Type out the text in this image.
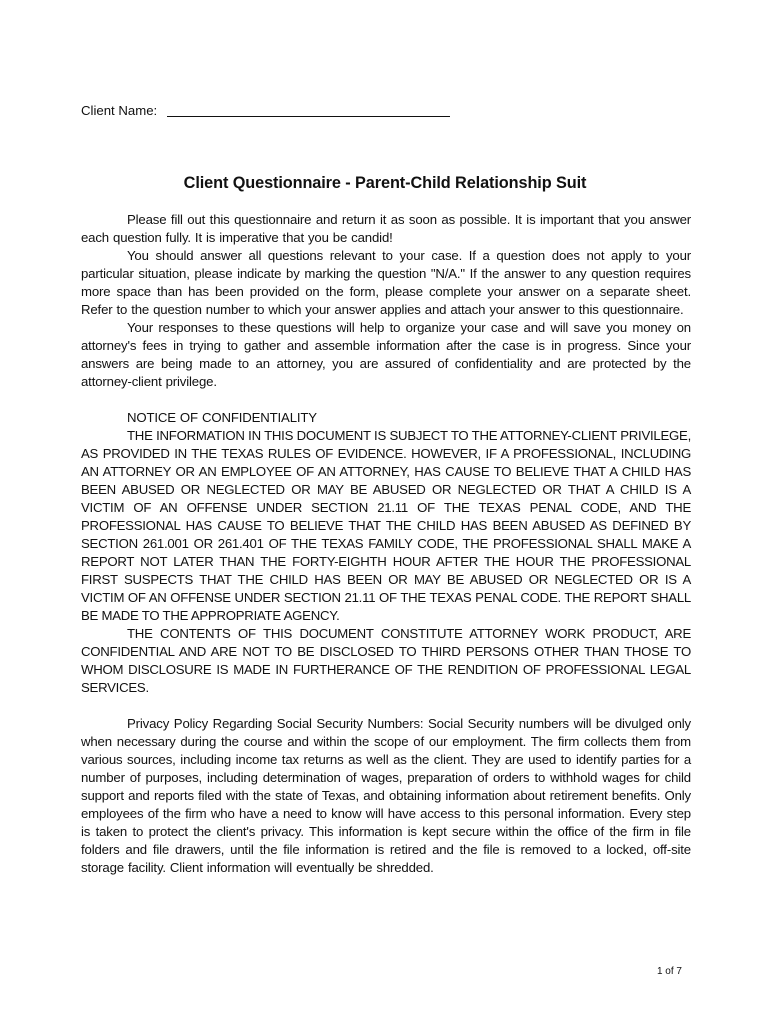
Client Name:
Client Questionnaire - Parent-Child Relationship Suit

Please fill out this questionnaire and return it as soon as possible. It is important that you answer each question fully. It is imperative that you be candid!

You should answer all questions relevant to your case. If a question does not apply to your particular situation, please indicate by marking the question "N/A." If the answer to any question requires more space than has been provided on the form, please complete your answer on a separate sheet. Refer to the question number to which your answer applies and attach your answer to this questionnaire.

Your responses to these questions will help to organize your case and will save you money on attorney's fees in trying to gather and assemble information after the case is in progress. Since your answers are being made to an attorney, you are assured of confidentiality and are protected by the attorney-client privilege.

NOTICE OF CONFIDENTIALITY

THE INFORMATION IN THIS DOCUMENT IS SUBJECT TO THE ATTORNEY-CLIENT PRIVILEGE, AS PROVIDED IN THE TEXAS RULES OF EVIDENCE. HOWEVER, IF A PROFESSIONAL, INCLUDING AN ATTORNEY OR AN EMPLOYEE OF AN ATTORNEY, HAS CAUSE TO BELIEVE THAT A CHILD HAS BEEN ABUSED OR NEGLECTED OR MAY BE ABUSED OR NEGLECTED OR THAT A CHILD IS A VICTIM OF AN OFFENSE UNDER SECTION 21.11 OF THE TEXAS PENAL CODE, AND THE PROFESSIONAL HAS CAUSE TO BELIEVE THAT THE CHILD HAS BEEN ABUSED AS DEFINED BY SECTION 261.001 OR 261.401 OF THE TEXAS FAMILY CODE, THE PROFESSIONAL SHALL MAKE A REPORT NOT LATER THAN THE FORTY-EIGHTH HOUR AFTER THE HOUR THE PROFESSIONAL FIRST SUSPECTS THAT THE CHILD HAS BEEN OR MAY BE ABUSED OR NEGLECTED OR IS A VICTIM OF AN OFFENSE UNDER SECTION 21.11 OF THE TEXAS PENAL CODE. THE REPORT SHALL BE MADE TO THE APPROPRIATE AGENCY.

THE CONTENTS OF THIS DOCUMENT CONSTITUTE ATTORNEY WORK PRODUCT, ARE CONFIDENTIAL AND ARE NOT TO BE DISCLOSED TO THIRD PERSONS OTHER THAN THOSE TO WHOM DISCLOSURE IS MADE IN FURTHERANCE OF THE RENDITION OF PROFESSIONAL LEGAL SERVICES.

Privacy Policy Regarding Social Security Numbers: Social Security numbers will be divulged only when necessary during the course and within the scope of our employment. The firm collects them from various sources, including income tax returns as well as the client. They are used to identify parties for a number of purposes, including determination of wages, preparation of orders to withhold wages for child support and reports filed with the state of Texas, and obtaining information about retirement benefits. Only employees of the firm who have a need to know will have access to this personal information. Every step is taken to protect the client's privacy. This information is kept secure within the office of the firm in file folders and file drawers, until the file information is retired and the file is removed to a locked, off-site storage facility. Client information will eventually be shredded.

1 of 7
